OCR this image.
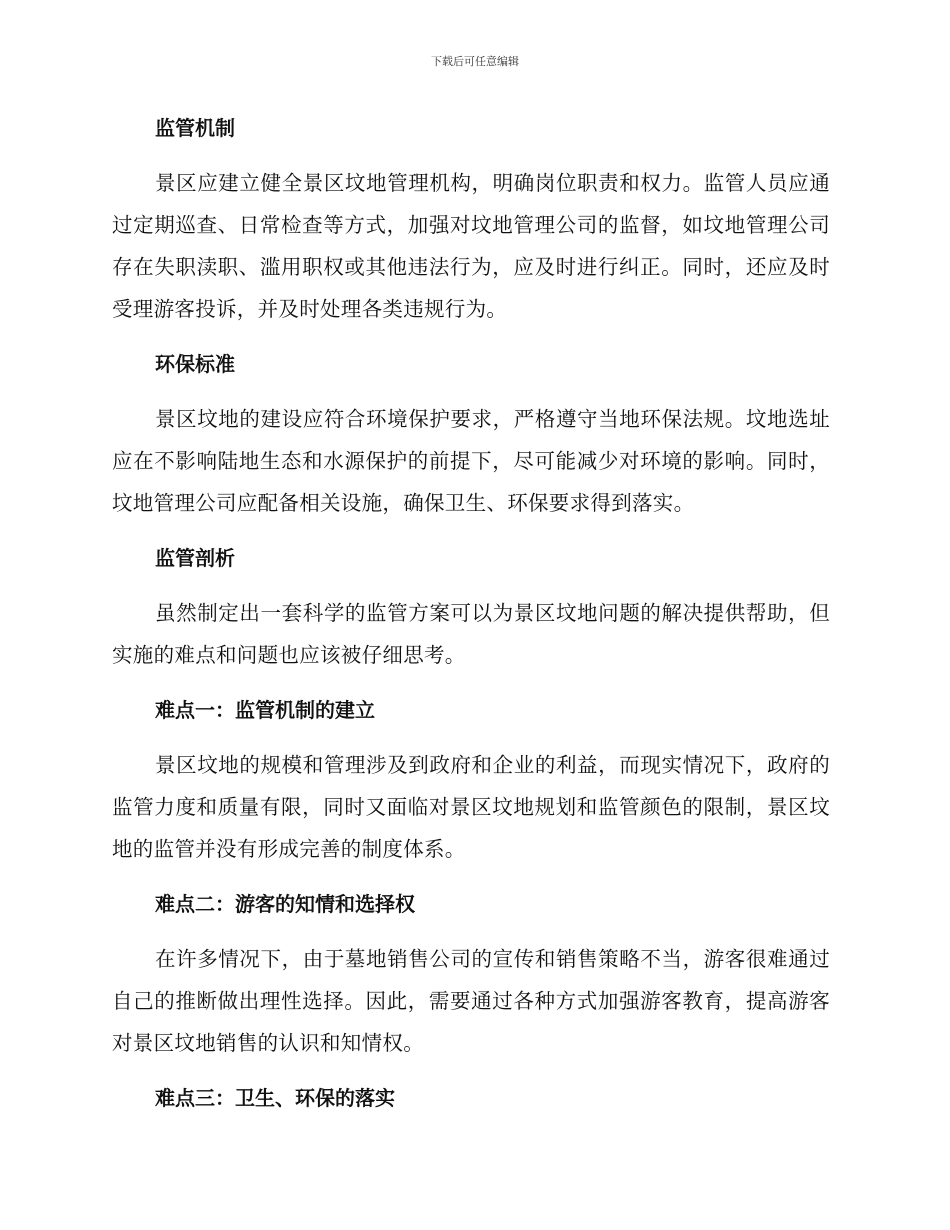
下载后可任意编辑
监管机制

景区应建立健全景区坟地管理机构，明确岗位职责和权力。监管人员应通过定期巡查、日常检查等方式，加强对坟地管理公司的监督，如坟地管理公司存在失职渎职、滥用职权或其他违法行为，应及时进行纠正。同时，还应及时受理游客投诉，并及时处理各类违规行为。

环保标准

景区坟地的建设应符合环境保护要求，严格遵守当地环保法规。坟地选址应在不影响陆地生态和水源保护的前提下，尽可能减少对环境的影响。同时，坟地管理公司应配备相关设施，确保卫生、环保要求得到落实。

监管剖析

虽然制定出一套科学的监管方案可以为景区坟地问题的解决提供帮助，但实施的难点和问题也应该被仔细思考。

难点一：监管机制的建立

景区坟地的规模和管理涉及到政府和企业的利益，而现实情况下，政府的监管力度和质量有限，同时又面临对景区坟地规划和监管颜色的限制，景区坟地的监管并没有形成完善的制度体系。

难点二：游客的知情和选择权

在许多情况下，由于墓地销售公司的宣传和销售策略不当，游客很难通过自己的推断做出理性选择。因此，需要通过各种方式加强游客教育，提高游客对景区坟地销售的认识和知情权。

难点三：卫生、环保的落实
